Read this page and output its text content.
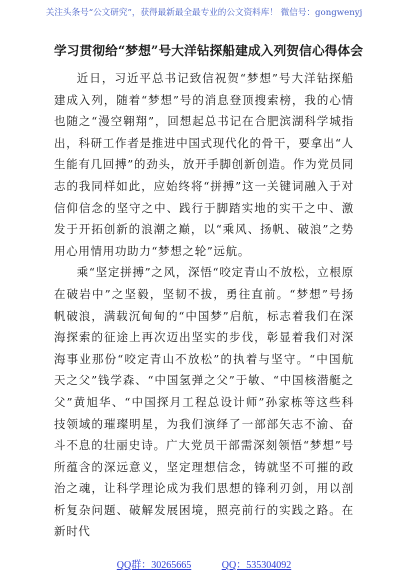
关注头条号“公文研究”，获得最新最全最专业的公文资料库！ 微信号：gongwenyj
学习贯彻给“梦想”号大洋钻探船建成入列贺信心得体会

近日，习近平总书记致信祝贺“梦想”号大洋钻探船建成入列，随着“梦想”号的消息登顶搜索榜，我的心情也随之“漫空翱翔”，回想起总书记在合肥滨湖科学城指出，科研工作者是推进中国式现代化的骨干，要拿出“人生能有几回搏”的劲头，放开手脚创新创造。作为党员同志的我同样如此，应始终将“拼搏”这一关键词融入于对信仰信念的坚守之中、践行于脚踏实地的实干之中、激发于开拓创新的浪潮之巅，以“乘风、扬帆、破浪”之势用心用情用功助力“梦想之轮”远航。

乘“坚定拼搏”之风，深悟“咬定青山不放松，立根原在破岩中”之坚毅，坚韧不拔，勇往直前。“梦想”号扬帆破浪，满载沉甸甸的“中国梦”启航，标志着我们在深海探索的征途上再次迈出坚实的步伐，彰显着我们对深海事业那份“咬定青山不放松”的执着与坚守。“中国航天之父”钱学森、“中国氢弹之父”于敏、“中国核潜艇之父”黄旭华、“中国探月工程总设计师”孙家栋等这些科技领域的璀璨明星，为我们演绎了一部部矢志不渝、奋斗不息的壮丽史诗。广大党员干部需深刻领悟“梦想”号所蕴含的深远意义，坚定理想信念，铸就坚不可摧的政治之魂，让科学理论成为我们思想的锋利刃剑，用以剖析复杂问题、破解发展困境，照亮前行的实践之路。在新时代

QQ群：30265665	QQ：535304092
